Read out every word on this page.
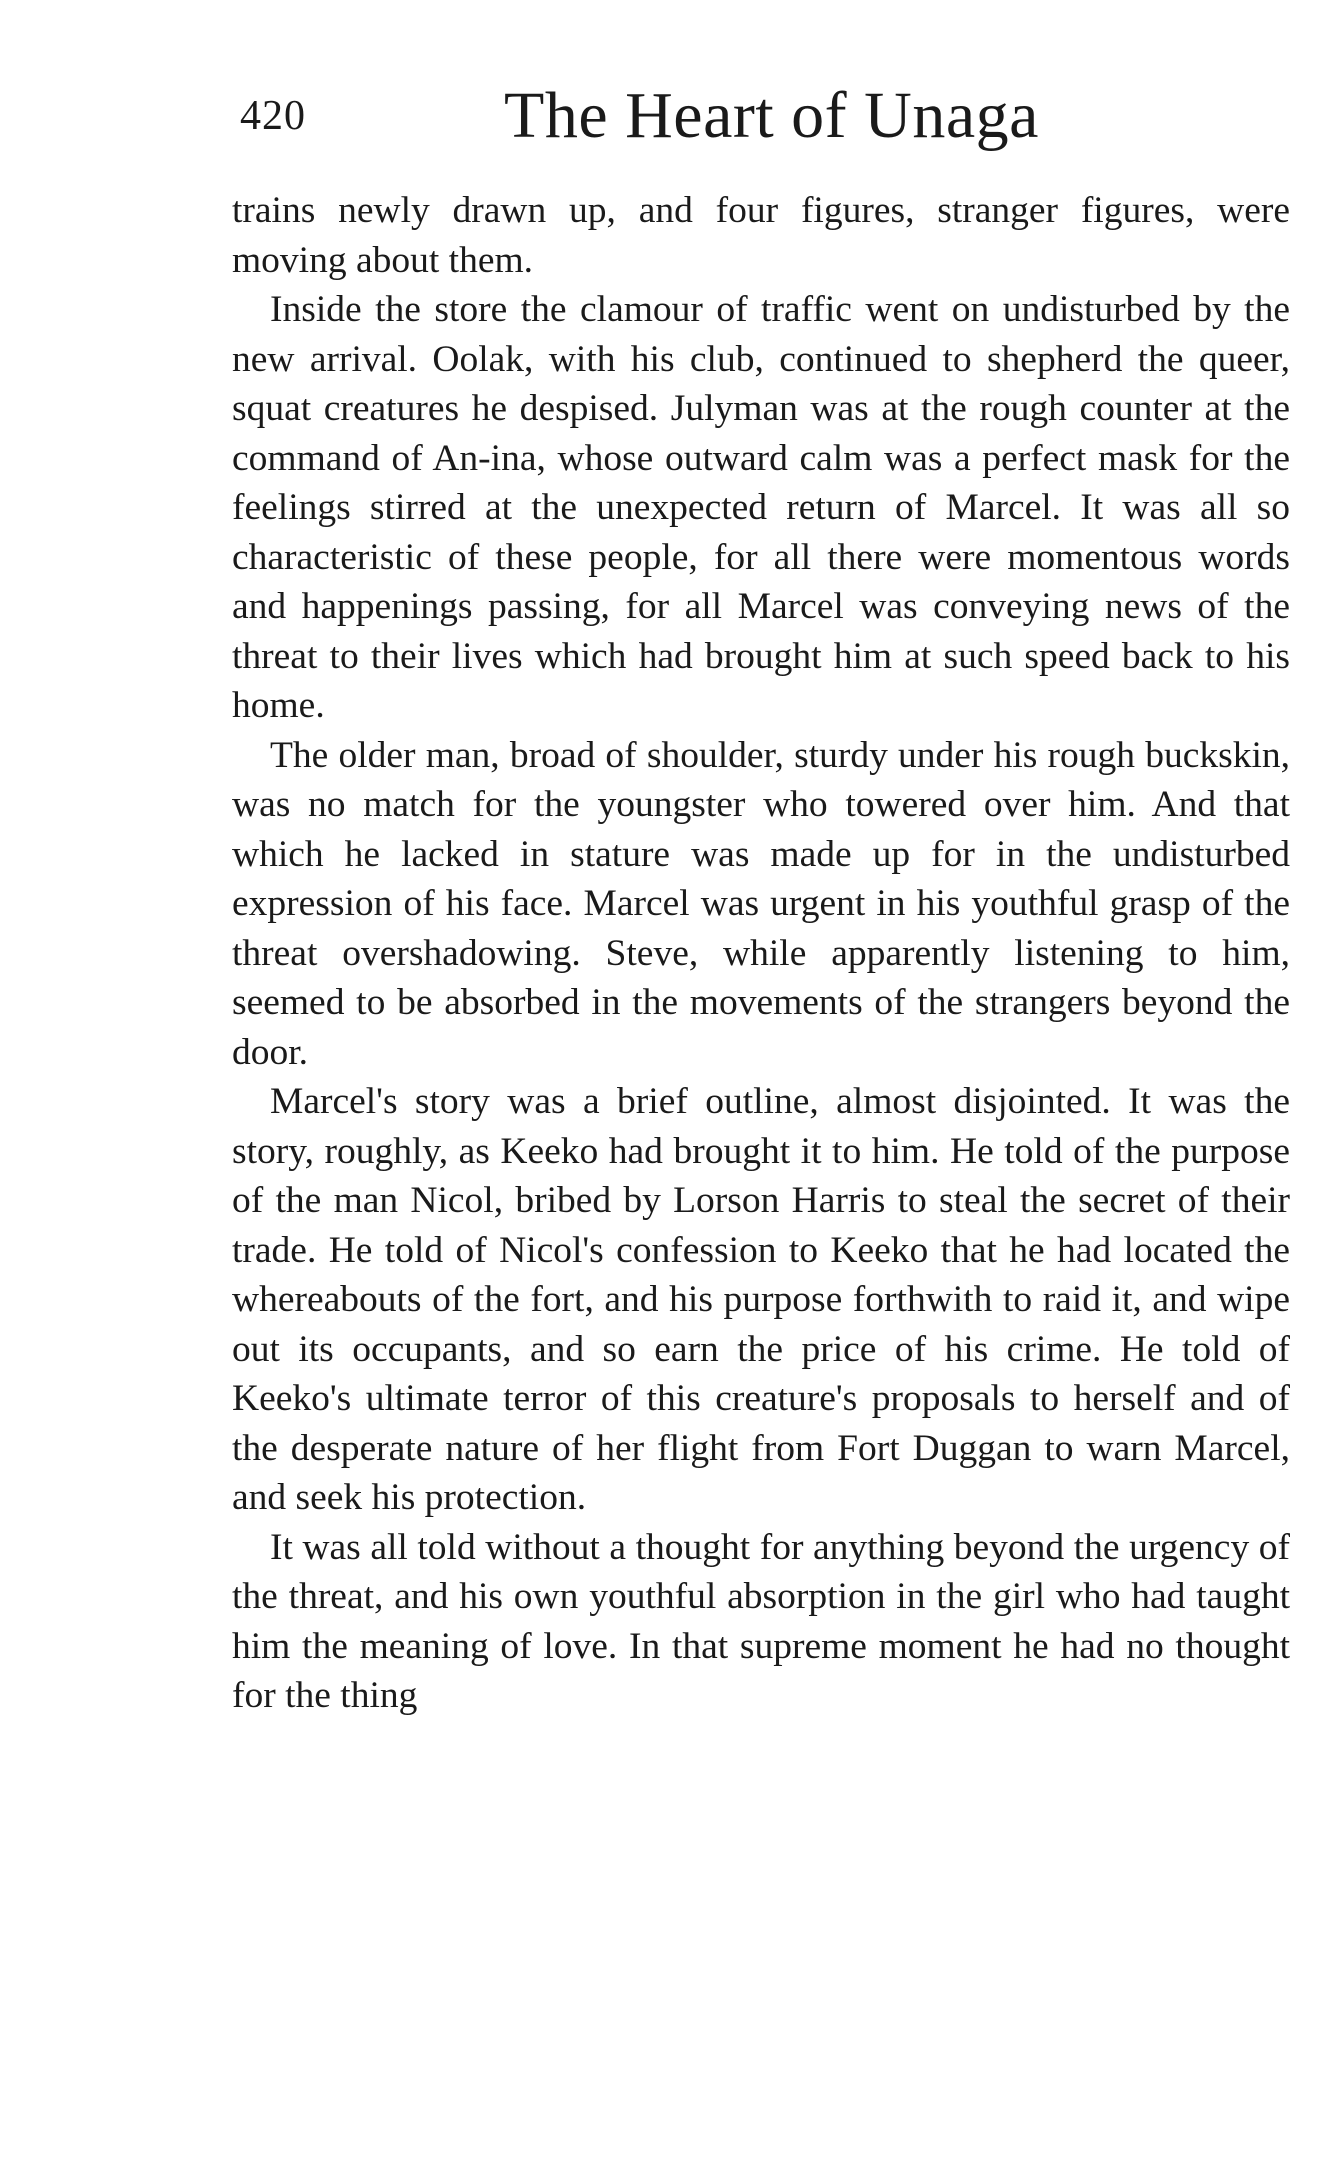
420	The Heart of Unaga

trains newly drawn up, and four figures, stranger figures, were moving about them.

Inside the store the clamour of traffic went on undisturbed by the new arrival. Oolak, with his club, continued to shepherd the queer, squat creatures he despised. Julyman was at the rough counter at the command of An-ina, whose outward calm was a perfect mask for the feelings stirred at the unexpected return of Marcel. It was all so characteristic of these people, for all there were momentous words and happenings passing, for all Marcel was conveying news of the threat to their lives which had brought him at such speed back to his home.

The older man, broad of shoulder, sturdy under his rough buckskin, was no match for the youngster who towered over him. And that which he lacked in stature was made up for in the undisturbed expression of his face. Marcel was urgent in his youthful grasp of the threat overshadowing. Steve, while apparently listening to him, seemed to be absorbed in the movements of the strangers beyond the door.

Marcel's story was a brief outline, almost disjointed. It was the story, roughly, as Keeko had brought it to him. He told of the purpose of the man Nicol, bribed by Lorson Harris to steal the secret of their trade. He told of Nicol's confession to Keeko that he had located the whereabouts of the fort, and his purpose forthwith to raid it, and wipe out its occupants, and so earn the price of his crime. He told of Keeko's ultimate terror of this creature's proposals to herself and of the desperate nature of her flight from Fort Duggan to warn Marcel, and seek his protection.

It was all told without a thought for anything beyond the urgency of the threat, and his own youthful absorption in the girl who had taught him the meaning of love. In that supreme moment he had no thought for the thing
